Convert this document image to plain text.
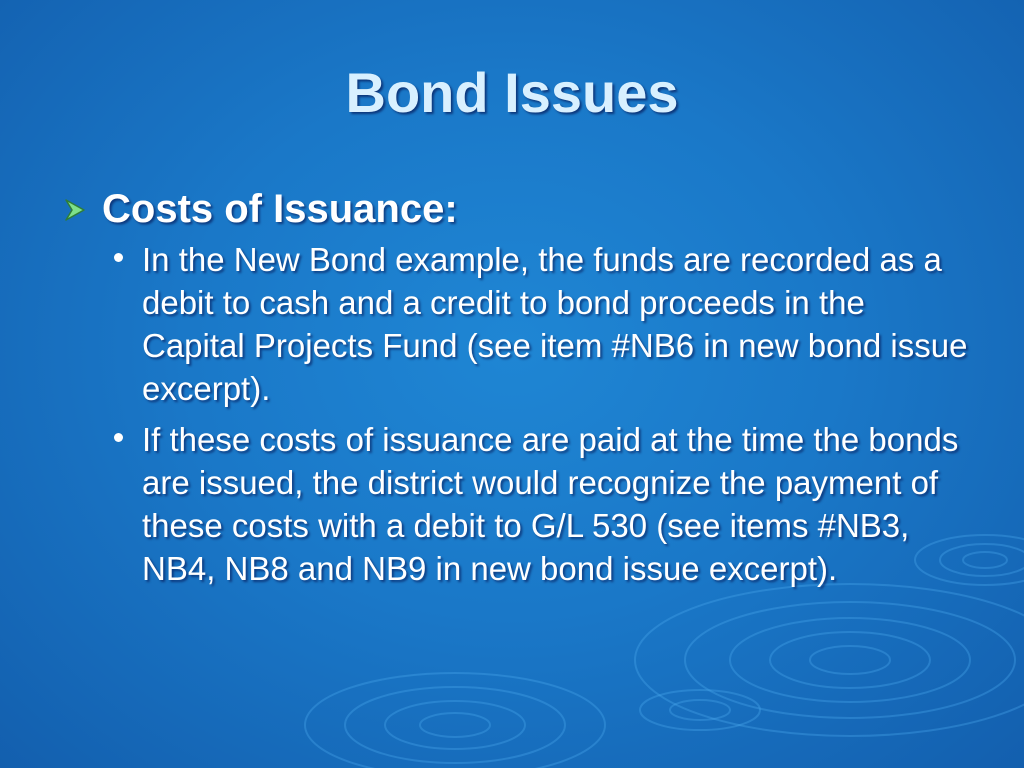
Bond Issues
Costs of Issuance:
In the New Bond example, the funds are recorded as a debit to cash and a credit to bond proceeds in the Capital Projects Fund (see item #NB6 in new bond issue excerpt).
If these costs of issuance are paid at the time the bonds are issued, the district would recognize the payment of these costs with a debit to G/L 530 (see items #NB3, NB4, NB8 and NB9 in new bond issue excerpt).
